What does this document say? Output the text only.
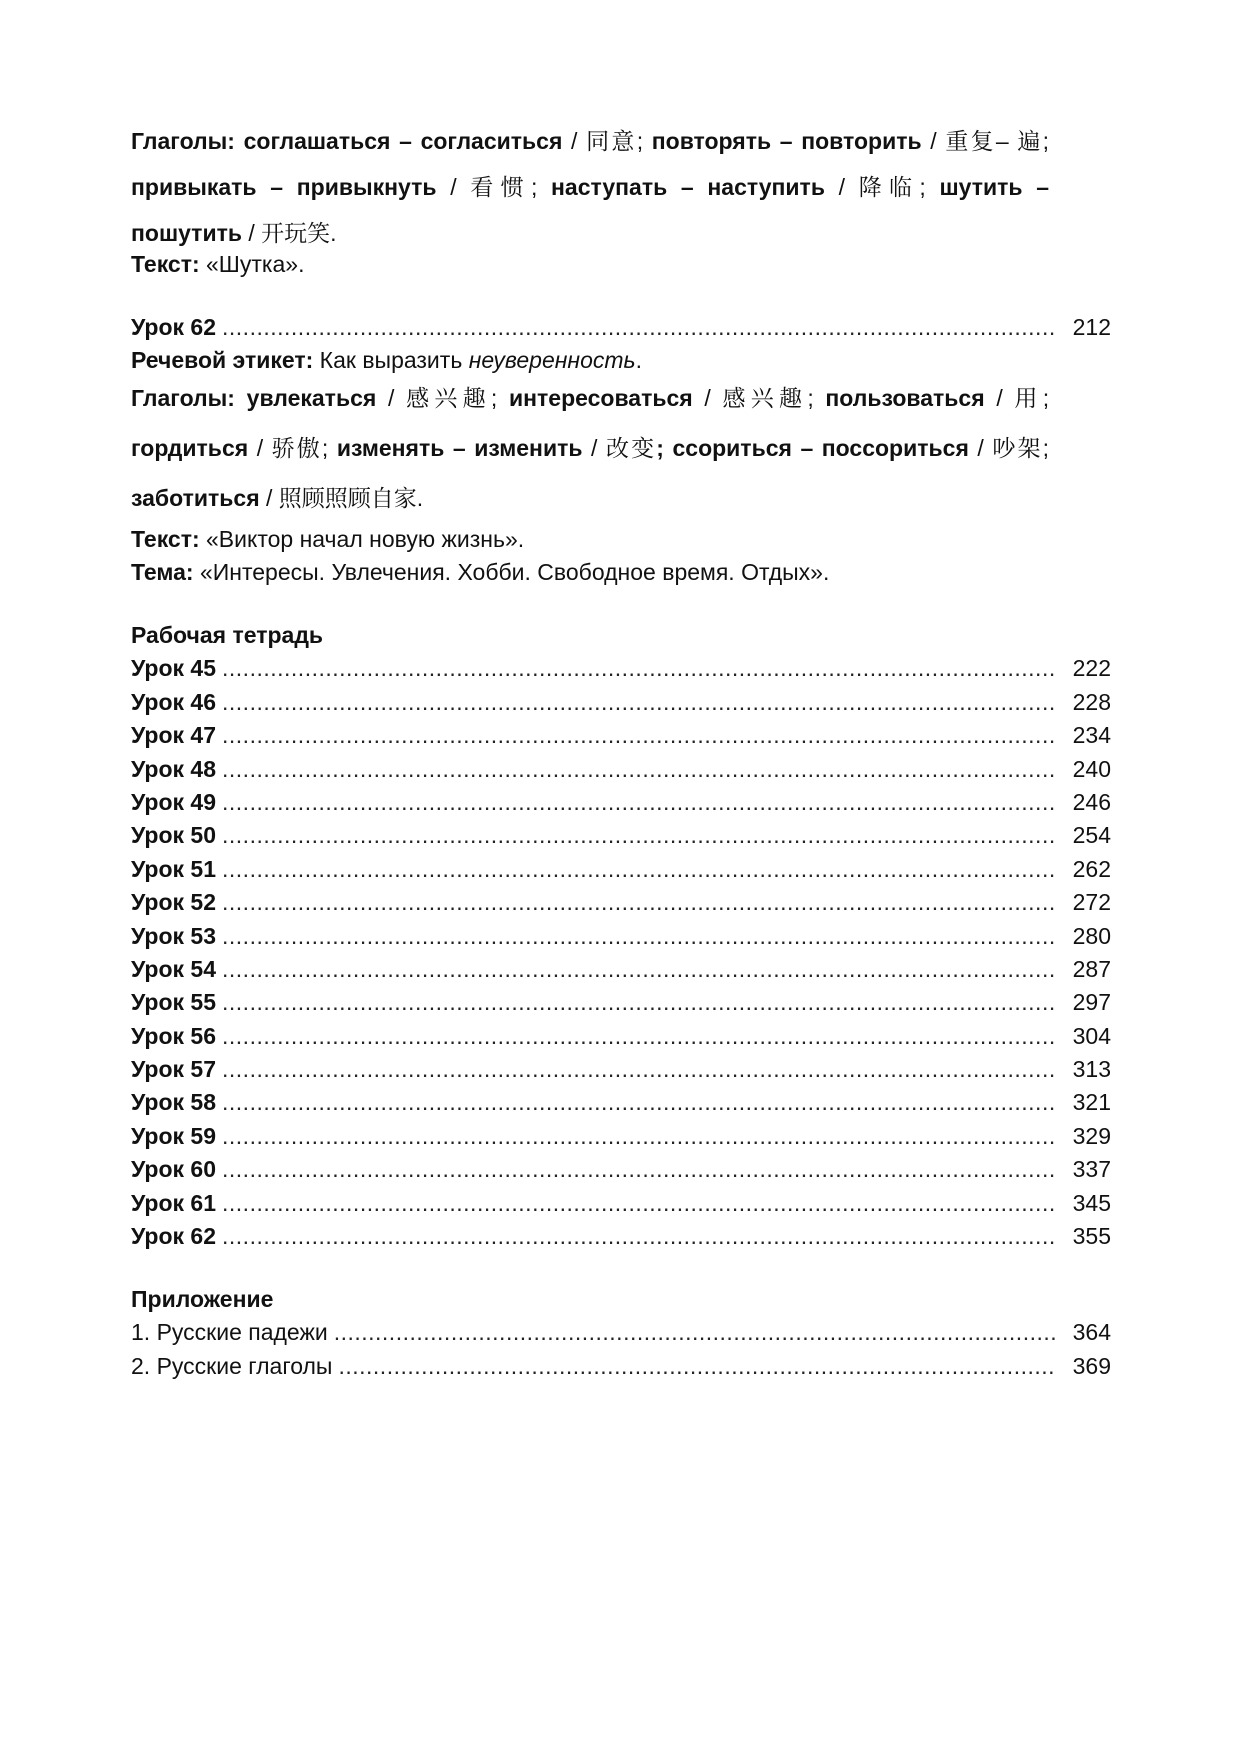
Глаголы: соглашаться – согласиться / 同意; повторять – повторить / 重复– 遍; привыкать – привыкнуть / 看惯; наступать – наступить / 降临; шутить – пошутить / 开玩笑.

Текст: «Шутка».

Урок 62 .....	212

Речевой этикет: Как выразить неуверенность.

Глаголы: увлекаться / 感兴趣; интересоваться / 感兴趣; пользоваться / 用; гордиться / 骄傲; изменять – изменить / 改变; ссориться – поссориться / 吵架; заботиться / 照顾照顾自家.

Текст: «Виктор начал новую жизнь».

Тема: «Интересы. Увлечения. Хобби. Свободное время. Отдых».

Рабочая тетрадь
Урок 45 .....	222
Урок 46 .....	228
Урок 47 .....	234
Урок 48 .....	240
Урок 49 .....	246
Урок 50 .....	254
Урок 51 .....	262
Урок 52 .....	272
Урок 53 .....	280
Урок 54 .....	287
Урок 55 .....	297
Урок 56 .....	304
Урок 57 .....	313
Урок 58 .....	321
Урок 59 .....	329
Урок 60 .....	337
Урок 61 .....	345
Урок 62 .....	355
Приложение
1. Русские падежи .....	364
2. Русские глаголы .....	369
